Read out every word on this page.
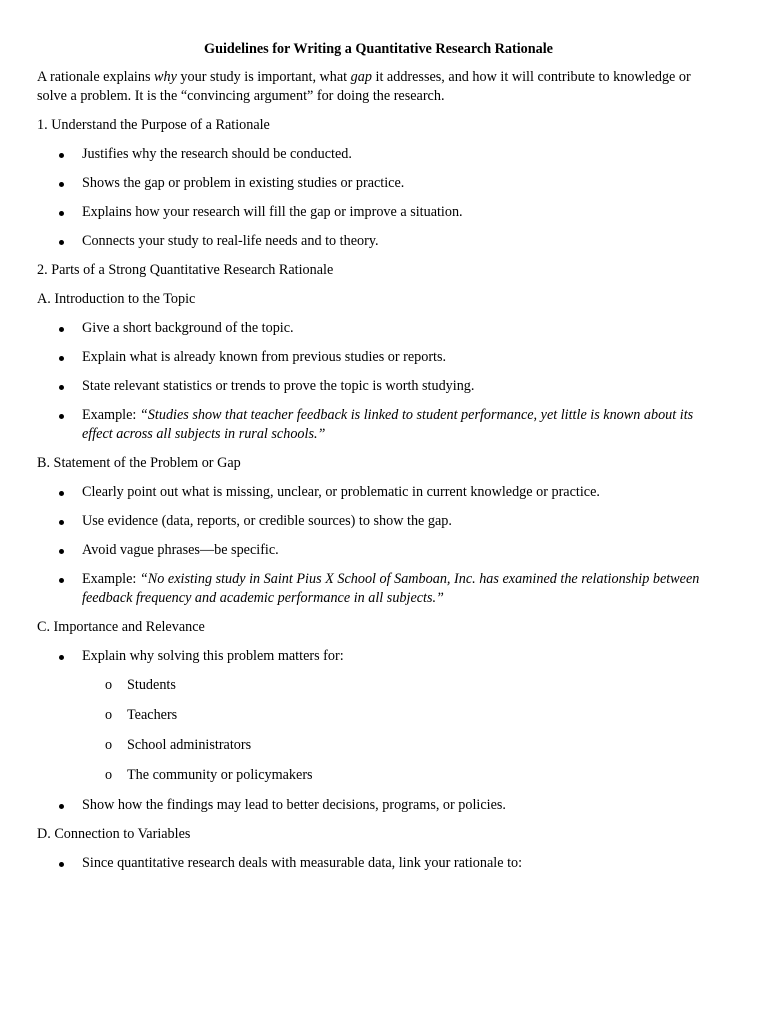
Guidelines for Writing a Quantitative Research Rationale

A rationale explains why your study is important, what gap it addresses, and how it will contribute to knowledge or solve a problem. It is the “convincing argument” for doing the research.

1. Understand the Purpose of a Rationale
Justifies why the research should be conducted.
Shows the gap or problem in existing studies or practice.
Explains how your research will fill the gap or improve a situation.
Connects your study to real-life needs and to theory.
2. Parts of a Strong Quantitative Research Rationale
A. Introduction to the Topic
Give a short background of the topic.
Explain what is already known from previous studies or reports.
State relevant statistics or trends to prove the topic is worth studying.
Example: “Studies show that teacher feedback is linked to student performance, yet little is known about its effect across all subjects in rural schools.”
B. Statement of the Problem or Gap
Clearly point out what is missing, unclear, or problematic in current knowledge or practice.
Use evidence (data, reports, or credible sources) to show the gap.
Avoid vague phrases—be specific.
Example: “No existing study in Saint Pius X School of Samboan, Inc. has examined the relationship between feedback frequency and academic performance in all subjects.”
C. Importance and Relevance
Explain why solving this problem matters for:
o Students
o Teachers
o School administrators
o The community or policymakers
Show how the findings may lead to better decisions, programs, or policies.
D. Connection to Variables
Since quantitative research deals with measurable data, link your rationale to:
